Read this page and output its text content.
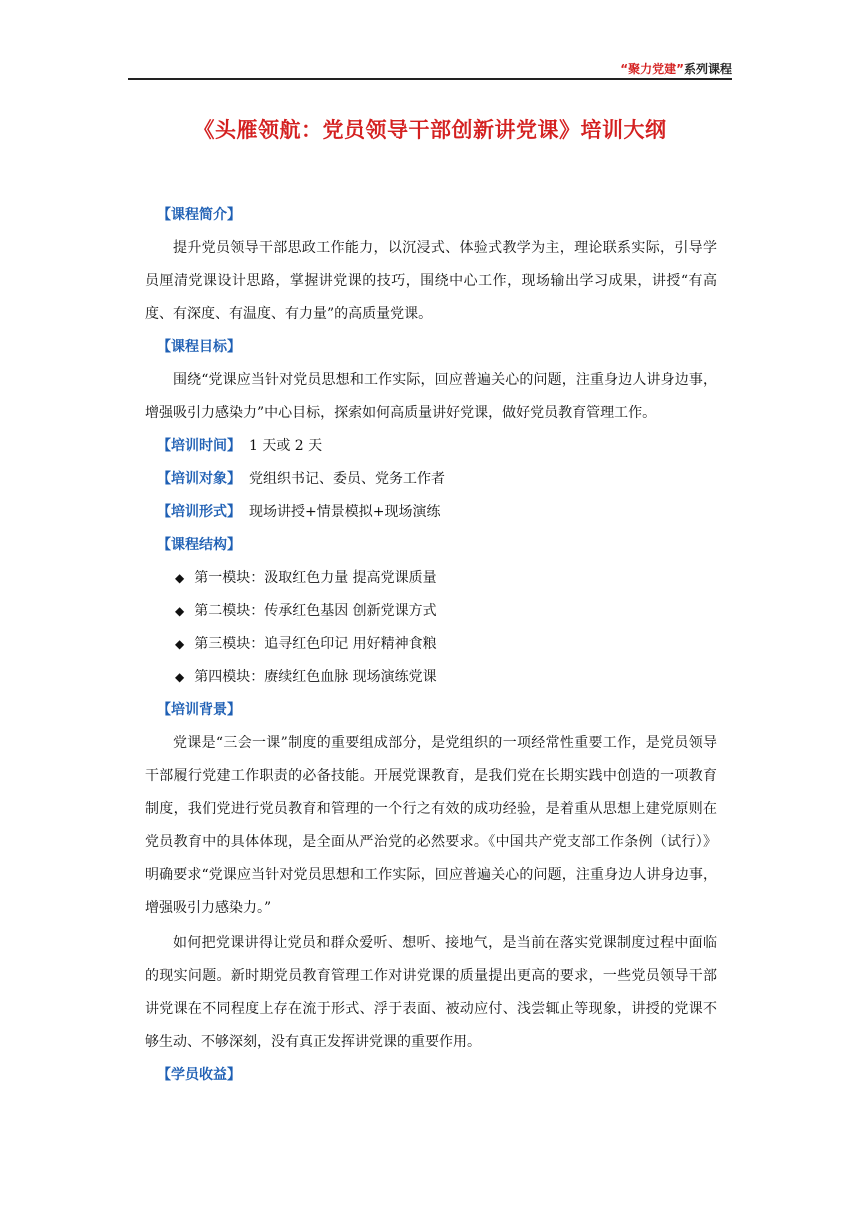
“聚力党建”系列课程
《头雁领航：党员领导干部创新讲党课》培训大纲
【课程简介】

提升党员领导干部思政工作能力，以沉浸式、体验式教学为主，理论联系实际，引导学员厘清党课设计思路，掌握讲党课的技巧，围绕中心工作，现场输出学习成果，讲授“有高度、有深度、有温度、有力量”的高质量党课。

【课程目标】

围绕“党课应当针对党员思想和工作实际，回应普遍关心的问题，注重身边人讲身边事，增强吸引力感染力”中心目标，探索如何高质量讲好党课，做好党员教育管理工作。

【培训时间】 1 天或 2 天
【培训对象】 党组织书记、委员、党务工作者
【培训形式】 现场讲授+情景模拟+现场演练
【课程结构】
◆ 第一模块：汲取红色力量 提高党课质量
◆ 第二模块：传承红色基因 创新党课方式
◆ 第三模块：追寻红色印记 用好精神食粮
◆ 第四模块：赓续红色血脉 现场演练党课
【培训背景】

党课是“三会一课”制度的重要组成部分，是党组织的一项经常性重要工作，是党员领导干部履行党建工作职责的必备技能。开展党课教育，是我们党在长期实践中创造的一项教育制度，我们党进行党员教育和管理的一个行之有效的成功经验，是着重从思想上建党原则在党员教育中的具体体现，是全面从严治党的必然要求。《中国共产党支部工作条例（试行）》明确要求“党课应当针对党员思想和工作实际，回应普遍关心的问题，注重身边人讲身边事，增强吸引力感染力。”

如何把党课讲得让党员和群众爱听、想听、接地气，是当前在落实党课制度过程中面临的现实问题。新时期党员教育管理工作对讲党课的质量提出更高的要求，一些党员领导干部讲党课在不同程度上存在流于形式、浮于表面、被动应付、浅尝辄止等现象，讲授的党课不够生动、不够深刻，没有真正发挥讲党课的重要作用。

【学员收益】
